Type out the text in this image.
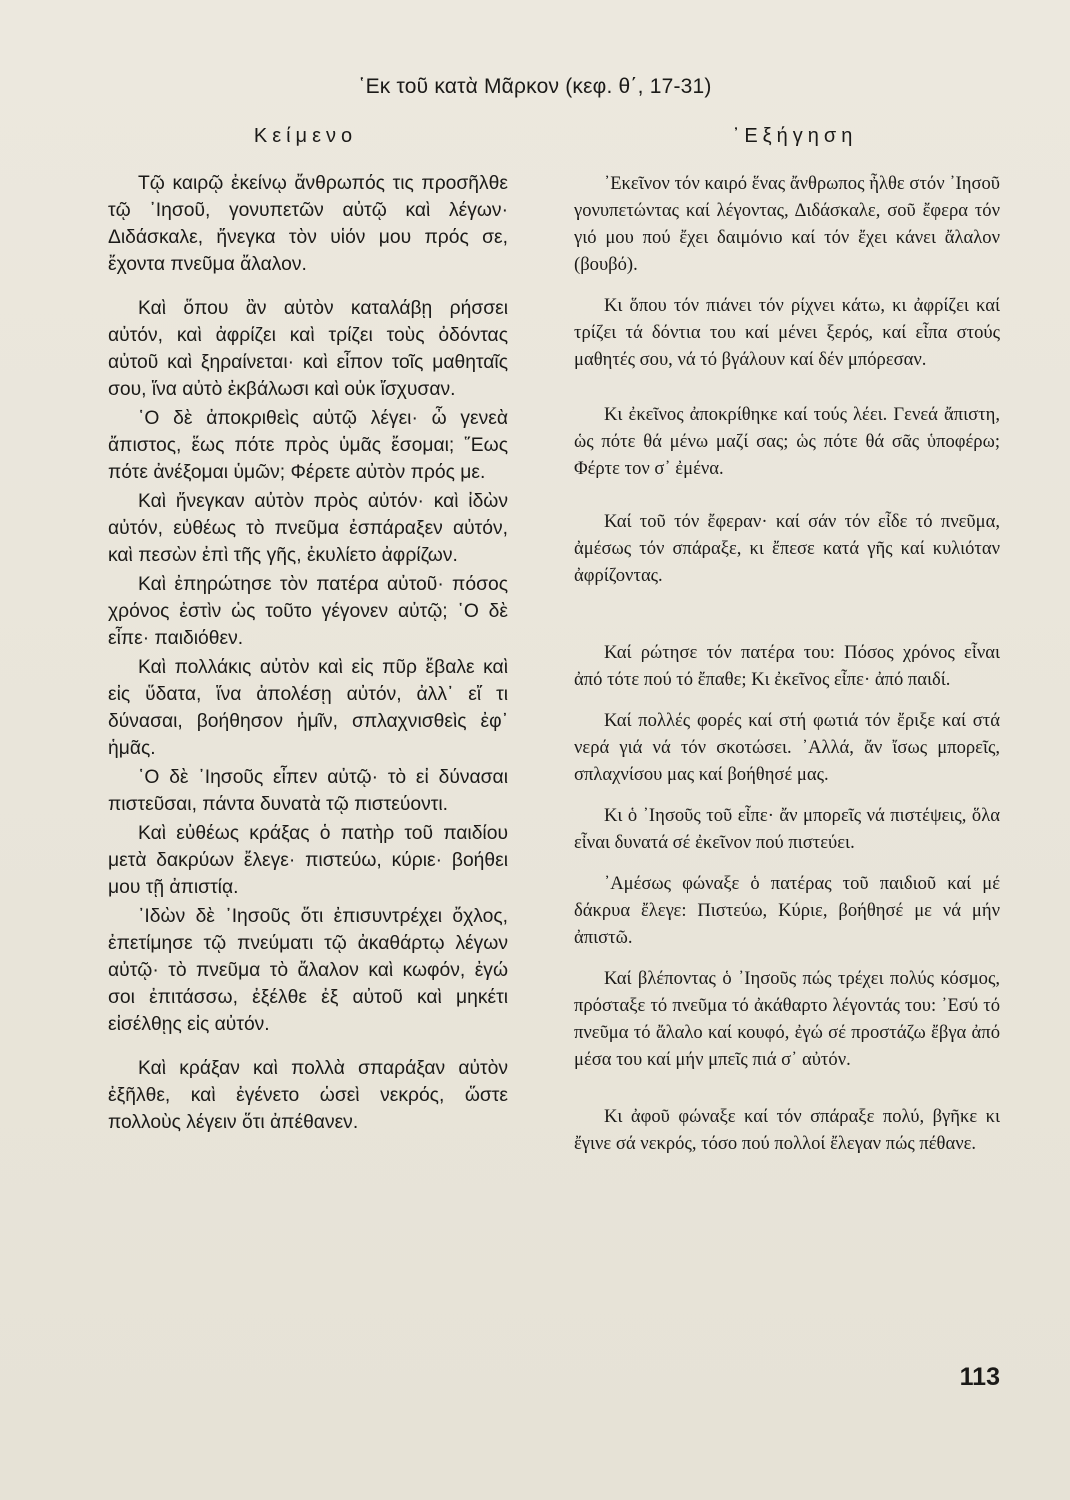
῾Εκ τοῦ κατὰ Μᾶρκον (κεφ. θ΄, 17-31)
Κείμενο	᾿Εξήγηση

Τῷ καιρῷ ἐκείνῳ ἄνθρωπός τις προσῆλθε τῷ ᾿Ιησοῦ, γονυπετῶν αὐτῷ καὶ λέγων· Διδάσκαλε, ἤνεγκα τὸν υἱόν μου πρός σε, ἔχοντα πνεῦμα ἄλαλον.

Καὶ ὅπου ἂν αὐτὸν καταλάβῃ ρήσσει αὐτόν, καὶ ἀφρίζει καὶ τρίζει τοὺς ὀδόντας αὐτοῦ καὶ ξηραίνεται· καὶ εἶπον τοῖς μαθηταῖς σου, ἵνα αὐτὸ ἐκβάλωσι καὶ οὐκ ἴσχυσαν.

῾Ο δὲ ἀποκριθεὶς αὐτῷ λέγει· ὦ γενεὰ ἄπιστος, ἕως πότε πρὸς ὑμᾶς ἔσομαι; ῞Εως πότε ἀνέξομαι ὑμῶν; Φέρετε αὐτὸν πρός με.

Καὶ ἤνεγκαν αὐτὸν πρὸς αὐτόν· καὶ ἰδὼν αὐτόν, εὐθέως τὸ πνεῦμα ἐσπάραξεν αὐτόν, καὶ πεσὼν ἐπὶ τῆς γῆς, ἐκυλίετο ἀφρίζων.

Καὶ ἐπηρώτησε τὸν πατέρα αὐτοῦ· πόσος χρόνος ἐστὶν ὡς τοῦτο γέγονεν αὐτῷ; ῾Ο δὲ εἶπε· παιδιόθεν.

Καὶ πολλάκις αὐτὸν καὶ εἰς πῦρ ἔβαλε καὶ εἰς ὕδατα, ἵνα ἀπολέσῃ αὐτόν, ἀλλ᾿ εἴ τι δύνασαι, βοήθησον ἡμῖν, σπλαχνισθεὶς ἐφ᾿ ἡμᾶς.

῾Ο δὲ ᾿Ιησοῦς εἶπεν αὐτῷ· τὸ εἰ δύνασαι πιστεῦσαι, πάντα δυνατὰ τῷ πιστεύοντι.

Καὶ εὐθέως κράξας ὁ πατὴρ τοῦ παιδίου μετὰ δακρύων ἔλεγε· πιστεύω, κύριε· βοήθει μου τῇ ἀπιστίᾳ.

᾿Ιδὼν δὲ ᾿Ιησοῦς ὅτι ἐπισυντρέχει ὄχλος, ἐπετίμησε τῷ πνεύματι τῷ ἀκαθάρτῳ λέγων αὐτῷ· τὸ πνεῦμα τὸ ἄλαλον καὶ κωφόν, ἐγώ σοι ἐπιτάσσω, ἐξέλθε ἐξ αὐτοῦ καὶ μηκέτι εἰσέλθῃς εἰς αὐτόν.

Καὶ κράξαν καὶ πολλὰ σπαράξαν αὐτὸν ἐξῆλθε, καὶ ἐγένετο ὡσεὶ νεκρός, ὥστε πολλοὺς λέγειν ὅτι ἀπέθανεν.

᾿Εκεῖνον τόν καιρό ἕνας ἄνθρωπος ἦλθε στόν ᾿Ιησοῦ γονυπετώντας καί λέγοντας, Διδάσκαλε, σοῦ ἔφερα τόν γιό μου πού ἔχει δαιμόνιο καί τόν ἔχει κάνει ἄλαλον (βουβό).

Κι ὅπου τόν πιάνει τόν ρίχνει κάτω, κι ἀφρίζει καί τρίζει τά δόντια του καί μένει ξερός, καί εἶπα στούς μαθητές σου, νά τό βγάλουν καί δέν μπόρεσαν.

Κι ἐκεῖνος ἀποκρίθηκε καί τούς λέει. Γενεά ἄπιστη, ὡς πότε θά μένω μαζί σας; ὡς πότε θά σᾶς ὑποφέρω; Φέρτε τον σ᾿ ἐμένα.

Καί τοῦ τόν ἔφεραν· καί σάν τόν εἶδε τό πνεῦμα, ἀμέσως τόν σπάραξε, κι ἔπεσε κατά γῆς καί κυλιόταν ἀφρίζοντας.

Καί ρώτησε τόν πατέρα του: Πόσος χρόνος εἶναι ἀπό τότε πού τό ἔπαθε; Κι ἐκεῖνος εἶπε· ἀπό παιδί.

Καί πολλές φορές καί στή φωτιά τόν ἔριξε καί στά νερά γιά νά τόν σκοτώσει. ᾿Αλλά, ἄν ἴσως μπορεῖς, σπλαχνίσου μας καί βοήθησέ μας.

Κι ὁ ᾿Ιησοῦς τοῦ εἶπε· ἄν μπορεῖς νά πιστέψεις, ὅλα εἶναι δυνατά σέ ἐκεῖνον πού πιστεύει.

᾿Αμέσως φώναξε ὁ πατέρας τοῦ παιδιοῦ καί μέ δάκρυα ἔλεγε: Πιστεύω, Κύριε, βοήθησέ με νά μήν ἀπιστῶ.

Καί βλέποντας ὁ ᾿Ιησοῦς πώς τρέχει πολύς κόσμος, πρόσταξε τό πνεῦμα τό ἀκάθαρτο λέγοντάς του: ᾿Εσύ τό πνεῦμα τό ἄλαλο καί κουφό, ἐγώ σέ προστάζω ἔβγα ἀπό μέσα του καί μήν μπεῖς πιά σ᾿ αὐτόν.

Κι ἀφοῦ φώναξε καί τόν σπάραξε πολύ, βγῆκε κι ἔγινε σά νεκρός, τόσο πού πολλοί ἔλεγαν πώς πέθανε.

113
